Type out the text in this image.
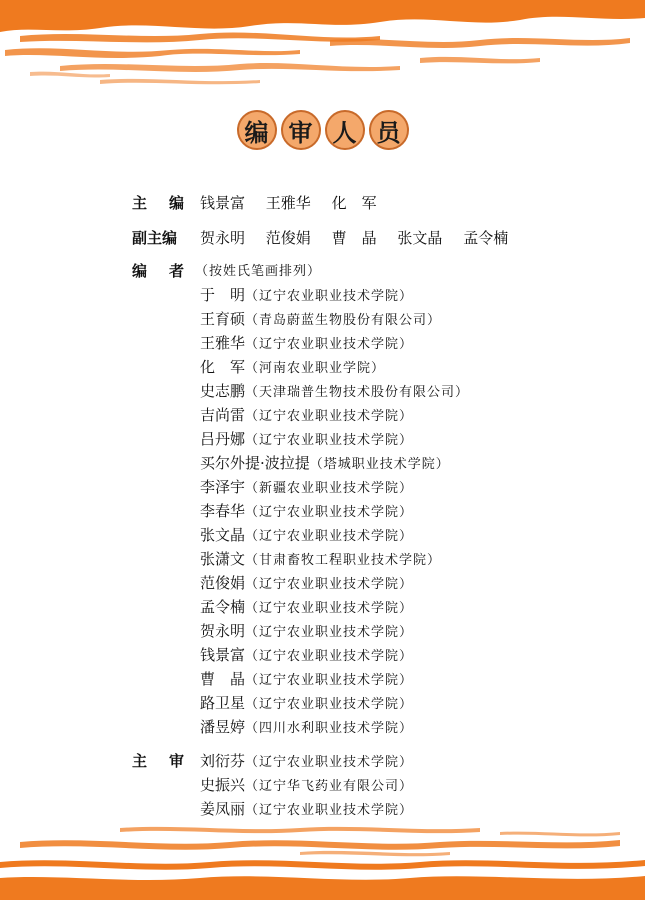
编 审 人 员
主 编 钱景富 王雅华 化　军
副主编	贺永明 范俊娟 曹　晶 张文晶 孟令楠
编 者 （按姓氏笔画排列）
于　明（辽宁农业职业技术学院）
王育硕（青岛蔚蓝生物股份有限公司）
王雅华（辽宁农业职业技术学院）
化　军（河南农业职业学院）
史志鹏（天津瑞普生物技术股份有限公司）
吉尚雷（辽宁农业职业技术学院）
吕丹娜（辽宁农业职业技术学院）
买尔外提·波拉提（塔城职业技术学院）
李泽宇（新疆农业职业技术学院）
李春华（辽宁农业职业技术学院）
张文晶（辽宁农业职业技术学院）
张潇文（甘肃畜牧工程职业技术学院）
范俊娟（辽宁农业职业技术学院）
孟令楠（辽宁农业职业技术学院）
贺永明（辽宁农业职业技术学院）
钱景富（辽宁农业职业技术学院）
曹　晶（辽宁农业职业技术学院）
路卫星（辽宁农业职业技术学院）
潘昱婷（四川水利职业技术学院）
主 审 刘衍芬（辽宁农业职业技术学院）
史振兴（辽宁华飞药业有限公司）
姜凤丽（辽宁农业职业技术学院）
